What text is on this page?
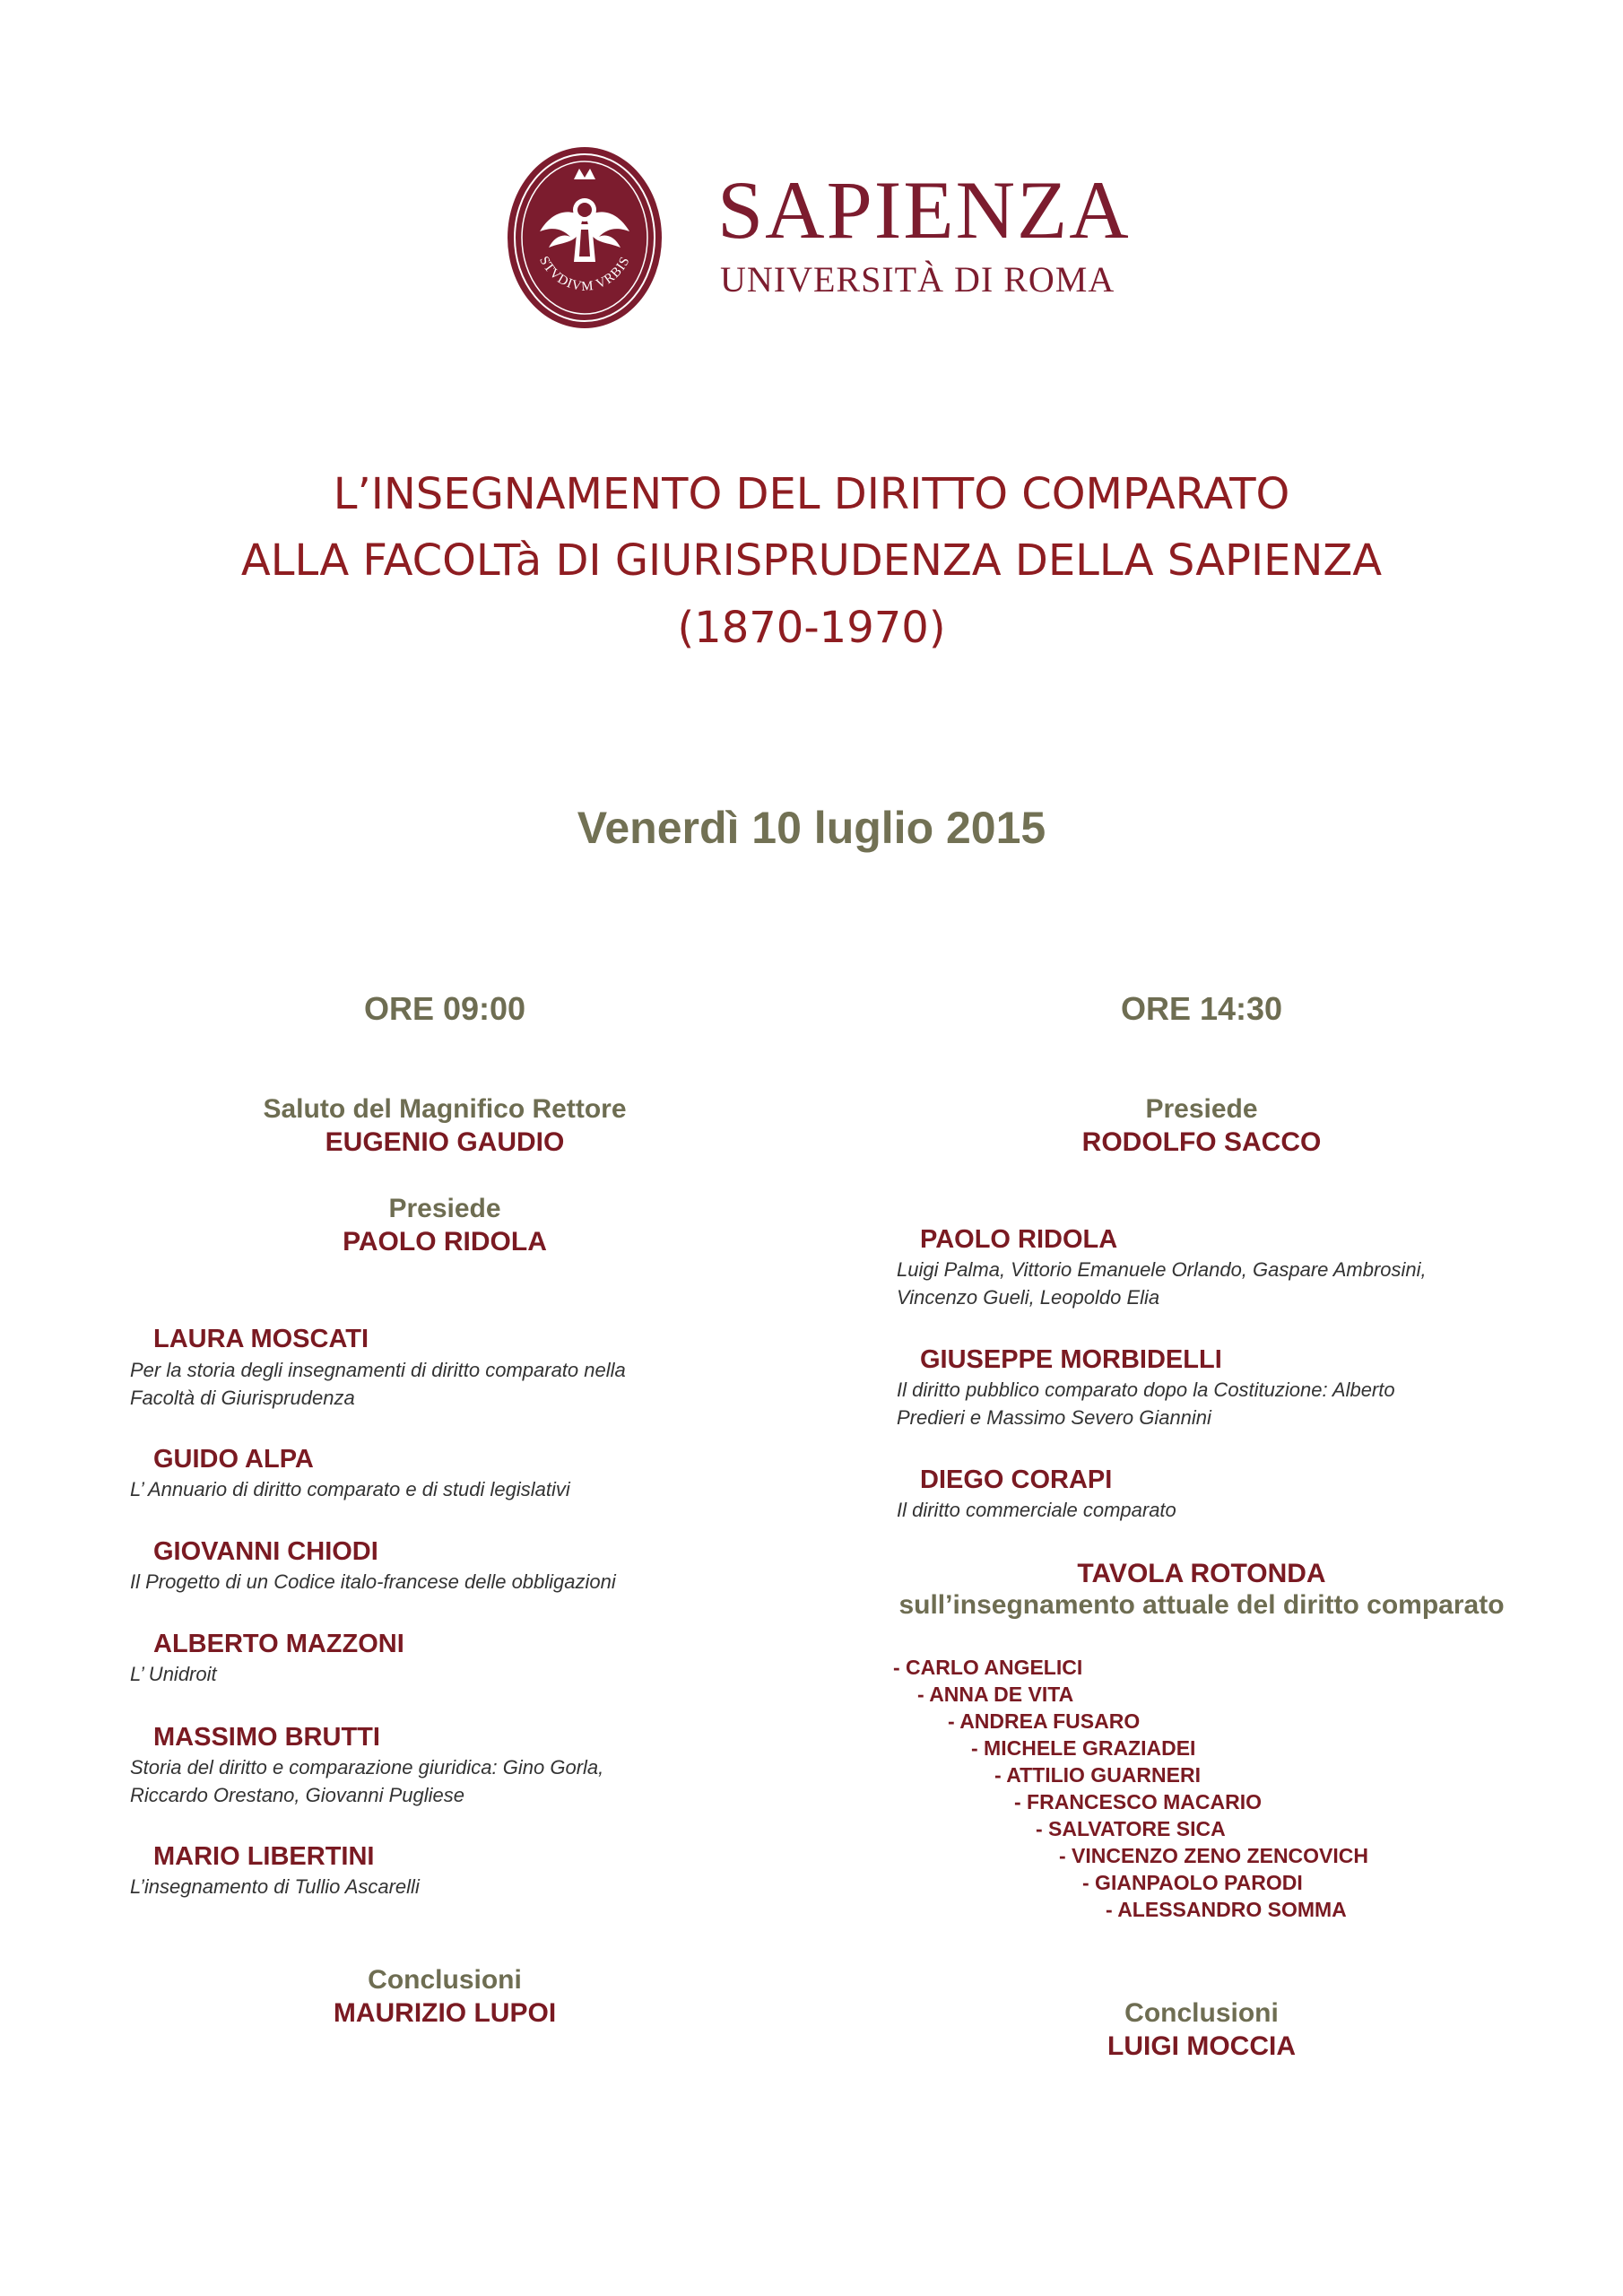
STVDIVM VRBIS
SAPIENZA
UNIVERSITÀ DI ROMA
L’INSEGNAMENTO DEL DIRITTO COMPARATO
ALLA FACOLTà DI GIURISPRUDENZA DELLA SAPIENZA
(1870-1970)
Venerdì 10 luglio 2015
ORE 09:00
Saluto del Magnifico Rettore
EUGENIO GAUDIO
Presiede
PAOLO RIDOLA
LAURA MOSCATI
Per la storia degli insegnamenti di diritto comparato nella
Facoltà di Giurisprudenza
GUIDO ALPA
L’ Annuario di diritto comparato e di studi legislativi
GIOVANNI CHIODI
Il Progetto di un Codice italo-francese delle obbligazioni
ALBERTO MAZZONI
L’ Unidroit
MASSIMO BRUTTI
Storia del diritto e comparazione giuridica: Gino Gorla,
Riccardo Orestano, Giovanni Pugliese
MARIO LIBERTINI
L’insegnamento di Tullio Ascarelli
Conclusioni
MAURIZIO LUPOI
ORE 14:30
Presiede
RODOLFO SACCO
PAOLO RIDOLA
Luigi Palma, Vittorio Emanuele Orlando, Gaspare Ambrosini,
Vincenzo Gueli, Leopoldo Elia
GIUSEPPE MORBIDELLI
Il diritto pubblico comparato dopo la Costituzione: Alberto
Predieri e Massimo Severo Giannini
DIEGO CORAPI
Il diritto commerciale comparato
TAVOLA ROTONDA
sull’insegnamento attuale del diritto comparato
- CARLO ANGELICI
- ANNA DE VITA
- ANDREA FUSARO
- MICHELE GRAZIADEI
- ATTILIO GUARNERI
- FRANCESCO MACARIO
- SALVATORE SICA
- VINCENZO ZENO ZENCOVICH
- GIANPAOLO PARODI
- ALESSANDRO SOMMA
Conclusioni
LUIGI MOCCIA
